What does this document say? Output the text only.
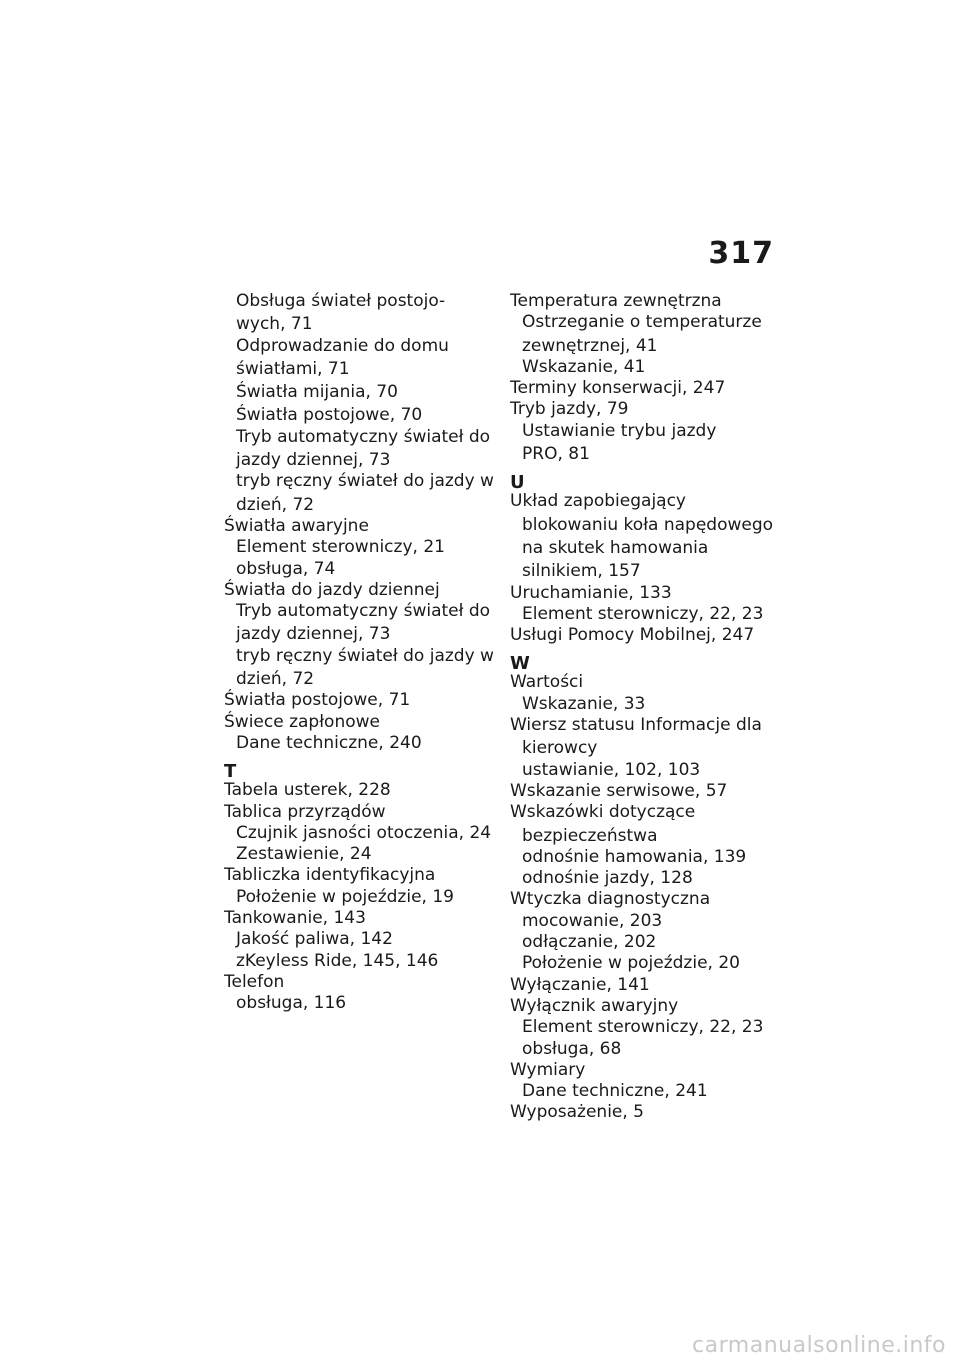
317
Obsługa świateł postojo-
wych, 71
Odprowadzanie do domu
światłami, 71
Światła mijania, 70
Światła postojowe, 70
Tryb automatyczny świateł do
jazdy dziennej, 73
tryb ręczny świateł do jazdy w
dzień, 72
Światła awaryjne
Element sterowniczy, 21
obsługa, 74
Światła do jazdy dziennej
Tryb automatyczny świateł do
jazdy dziennej, 73
tryb ręczny świateł do jazdy w
dzień, 72
Światła postojowe, 71
Świece zapłonowe
Dane techniczne, 240
T
Tabela usterek, 228
Tablica przyrządów
Czujnik jasności otoczenia, 24
Zestawienie, 24
Tabliczka identyfikacyjna
Położenie w pojeździe, 19
Tankowanie, 143
Jakość paliwa, 142
zKeyless Ride, 145, 146
Telefon
obsługa, 116
Temperatura zewnętrzna
Ostrzeganie o temperaturze
zewnętrznej, 41
Wskazanie, 41
Terminy konserwacji, 247
Tryb jazdy, 79
Ustawianie trybu jazdy
PRO, 81
U
Układ zapobiegający
blokowaniu koła napędowego
na skutek hamowania
silnikiem, 157
Uruchamianie, 133
Element sterowniczy, 22, 23
Usługi Pomocy Mobilnej, 247
W
Wartości
Wskazanie, 33
Wiersz statusu Informacje dla
kierowcy
ustawianie, 102, 103
Wskazanie serwisowe, 57
Wskazówki dotyczące
bezpieczeństwa
odnośnie hamowania, 139
odnośnie jazdy, 128
Wtyczka diagnostyczna
mocowanie, 203
odłączanie, 202
Położenie w pojeździe, 20
Wyłączanie, 141
Wyłącznik awaryjny
Element sterowniczy, 22, 23
obsługa, 68
Wymiary
Dane techniczne, 241
Wyposażenie, 5
carmanualsonline.info
